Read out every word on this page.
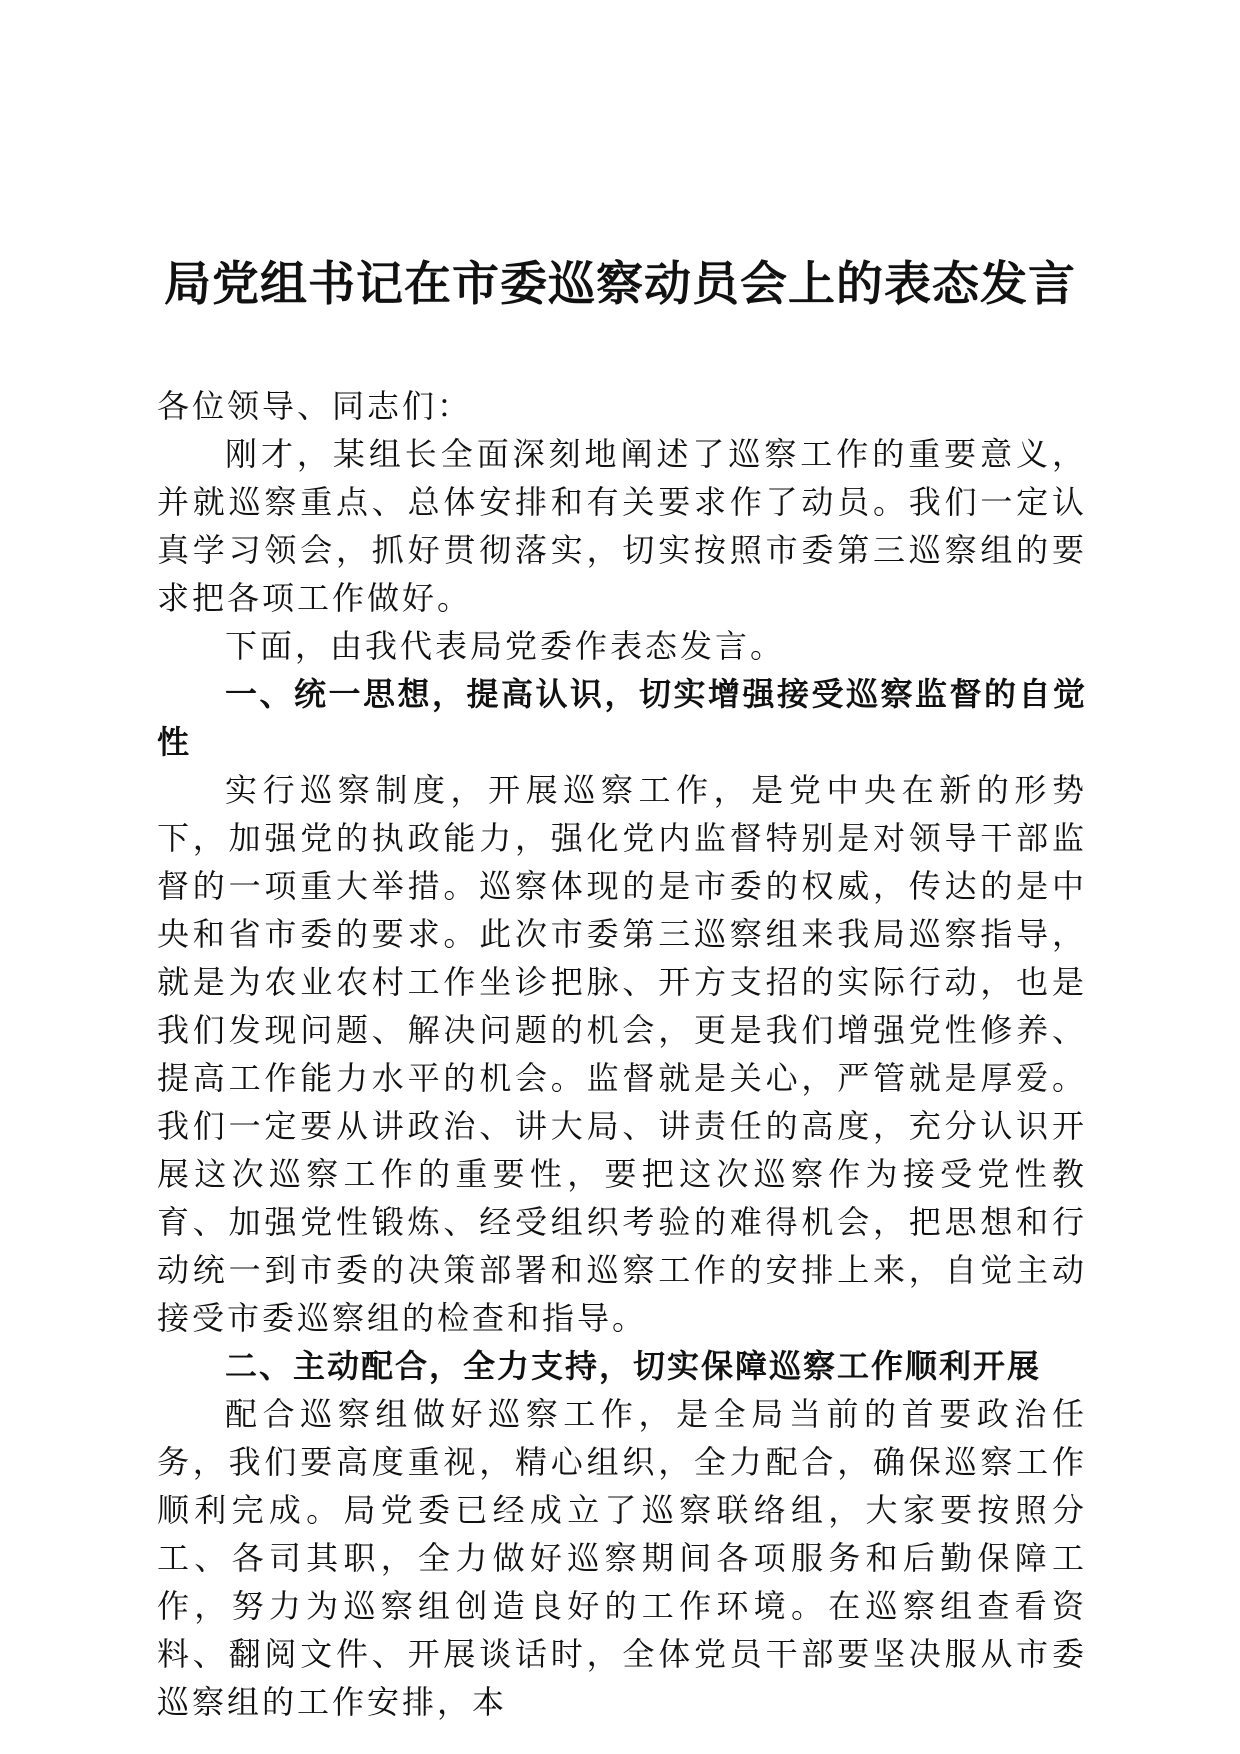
局党组书记在市委巡察动员会上的表态发言

各位领导、同志们：

刚才，某组长全面深刻地阐述了巡察工作的重要意义，并就巡察重点、总体安排和有关要求作了动员。我们一定认真学习领会，抓好贯彻落实，切实按照市委第三巡察组的要求把各项工作做好。

下面，由我代表局党委作表态发言。

一、统一思想，提高认识，切实增强接受巡察监督的自觉性

实行巡察制度，开展巡察工作，是党中央在新的形势下，加强党的执政能力，强化党内监督特别是对领导干部监督的一项重大举措。巡察体现的是市委的权威，传达的是中央和省市委的要求。此次市委第三巡察组来我局巡察指导，就是为农业农村工作坐诊把脉、开方支招的实际行动，也是我们发现问题、解决问题的机会，更是我们增强党性修养、提高工作能力水平的机会。监督就是关心，严管就是厚爱。我们一定要从讲政治、讲大局、讲责任的高度，充分认识开展这次巡察工作的重要性，要把这次巡察作为接受党性教育、加强党性锻炼、经受组织考验的难得机会，把思想和行动统一到市委的决策部署和巡察工作的安排上来，自觉主动接受市委巡察组的检查和指导。

二、主动配合，全力支持，切实保障巡察工作顺利开展

配合巡察组做好巡察工作，是全局当前的首要政治任务，我们要高度重视，精心组织，全力配合，确保巡察工作顺利完成。局党委已经成立了巡察联络组，大家要按照分工、各司其职，全力做好巡察期间各项服务和后勤保障工作，努力为巡察组创造良好的工作环境。在巡察组查看资料、翻阅文件、开展谈话时，全体党员干部要坚决服从市委巡察组的工作安排，本
